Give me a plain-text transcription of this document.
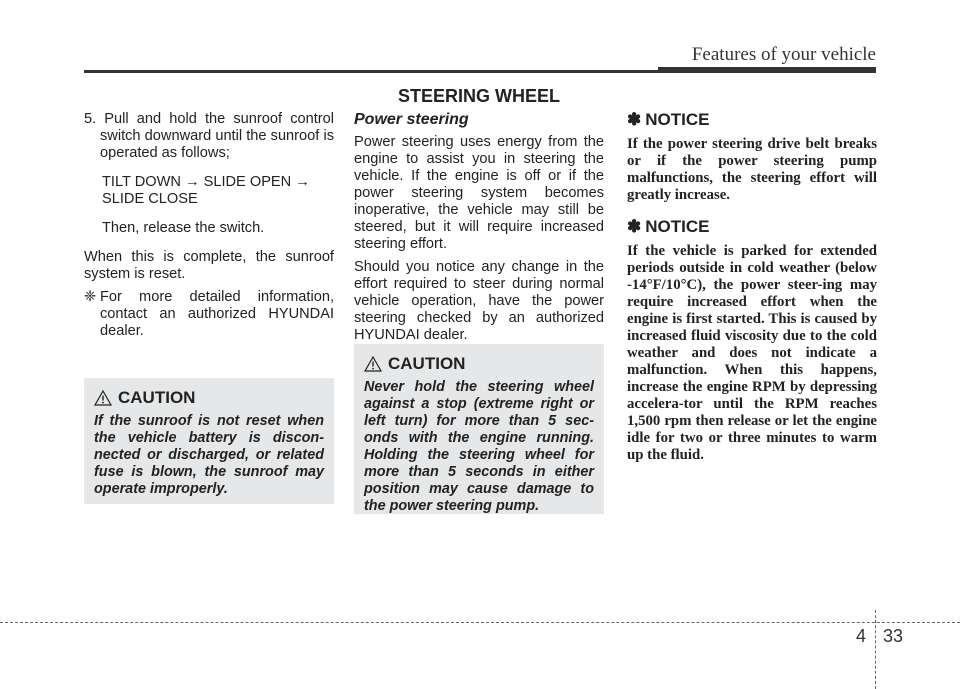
Features of your vehicle
STEERING WHEEL

5. Pull and hold the sunroof control switch downward until the sunroof is operated as follows;

TILT DOWN → SLIDE OPEN → SLIDE CLOSE

Then, release the switch.

When this is complete, the sunroof system is reset.

❈ For more detailed information, contact an authorized HYUNDAI dealer.
CAUTION

If the sunroof is not reset when the vehicle battery is discon-nected or discharged, or related fuse is blown, the sunroof may operate improperly.

Power steering

Power steering uses energy from the engine to assist you in steering the vehicle. If the engine is off or if the power steering system becomes inoperative, the vehicle may still be steered, but it will require increased steering effort.

Should you notice any change in the effort required to steer during normal vehicle operation, have the power steering checked by an authorized HYUNDAI dealer.

CAUTION

Never hold the steering wheel against a stop (extreme right or left turn) for more than 5 sec-onds with the engine running. Holding the steering wheel for more than 5 seconds in either position may cause damage to the power steering pump.

✽ NOTICE

If the power steering drive belt breaks or if the power steering pump malfunctions, the steering effort will greatly increase.

✽ NOTICE

If the vehicle is parked for extended periods outside in cold weather (below -14°F/10°C), the power steer-ing may require increased effort when the engine is first started. This is caused by increased fluid viscosity due to the cold weather and does not indicate a malfunction. When this happens, increase the engine RPM by depressing accelera-tor until the RPM reaches 1,500 rpm then release or let the engine idle for two or three minutes to warm up the fluid.

4 33
